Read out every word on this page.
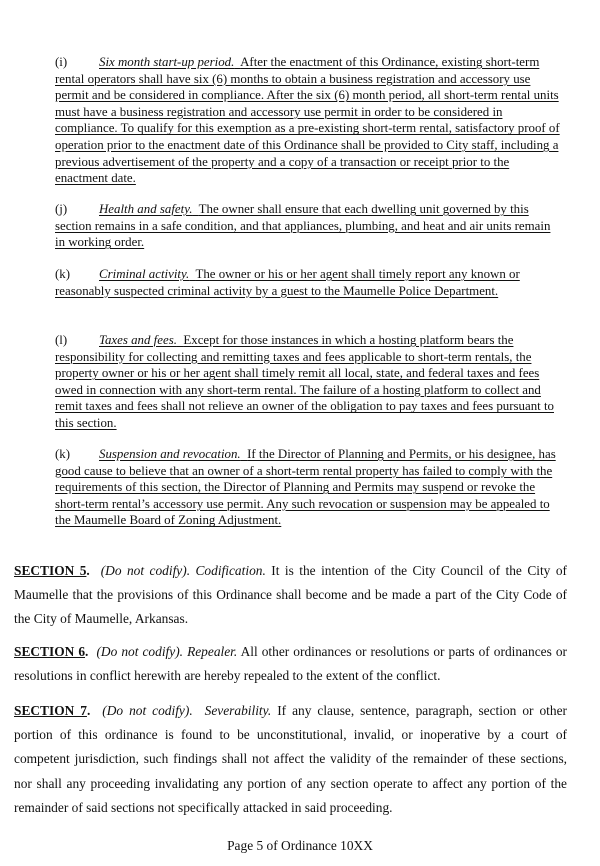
(i) Six month start-up period. After the enactment of this Ordinance, existing short-term rental operators shall have six (6) months to obtain a business registration and accessory use permit and be considered in compliance. After the six (6) month period, all short-term rental units must have a business registration and accessory use permit in order to be considered in compliance. To qualify for this exemption as a pre-existing short-term rental, satisfactory proof of operation prior to the enactment date of this Ordinance shall be provided to City staff, including a previous advertisement of the property and a copy of a transaction or receipt prior to the enactment date.
(j) Health and safety. The owner shall ensure that each dwelling unit governed by this section remains in a safe condition, and that appliances, plumbing, and heat and air units remain in working order.
(k) Criminal activity. The owner or his or her agent shall timely report any known or reasonably suspected criminal activity by a guest to the Maumelle Police Department.
(l) Taxes and fees. Except for those instances in which a hosting platform bears the responsibility for collecting and remitting taxes and fees applicable to short-term rentals, the property owner or his or her agent shall timely remit all local, state, and federal taxes and fees owed in connection with any short-term rental. The failure of a hosting platform to collect and remit taxes and fees shall not relieve an owner of the obligation to pay taxes and fees pursuant to this section.
(k) Suspension and revocation. If the Director of Planning and Permits, or his designee, has good cause to believe that an owner of a short-term rental property has failed to comply with the requirements of this section, the Director of Planning and Permits may suspend or revoke the short-term rental’s accessory use permit. Any such revocation or suspension may be appealed to the Maumelle Board of Zoning Adjustment.
SECTION 5. (Do not codify). Codification. It is the intention of the City Council of the City of Maumelle that the provisions of this Ordinance shall become and be made a part of the City Code of the City of Maumelle, Arkansas.
SECTION 6. (Do not codify). Repealer. All other ordinances or resolutions or parts of ordinances or resolutions in conflict herewith are hereby repealed to the extent of the conflict.
SECTION 7. (Do not codify). Severability. If any clause, sentence, paragraph, section or other portion of this ordinance is found to be unconstitutional, invalid, or inoperative by a court of competent jurisdiction, such findings shall not affect the validity of the remainder of these sections, nor shall any proceeding invalidating any portion of any section operate to affect any portion of the remainder of said sections not specifically attacked in said proceeding.
Page 5 of Ordinance 10XX
